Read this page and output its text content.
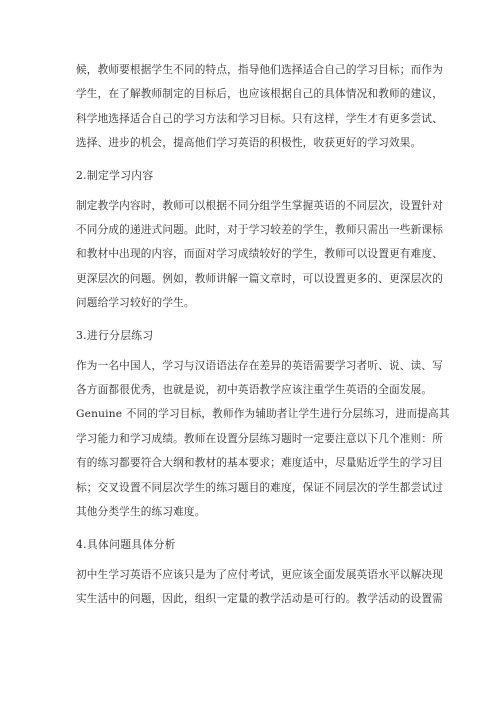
候，教师要根据学生不同的特点，指导他们选择适合自己的学习目标；而作为
学生，在了解教师制定的目标后，也应该根据自己的具体情况和教师的建议，
科学地选择适合自己的学习方法和学习目标。只有这样，学生才有更多尝试、
选择、进步的机会，提高他们学习英语的积极性，收获更好的学习效果。
2.制定学习内容
制定教学内容时，教师可以根据不同分组学生掌握英语的不同层次，设置针对
不同分成的递进式问题。此时，对于学习较差的学生，教师只需出一些新课标
和教材中出现的内容，而面对学习成绩较好的学生，教师可以设置更有难度、
更深层次的问题。例如，教师讲解一篇文章时，可以设置更多的、更深层次的
问题给学习较好的学生。
3.进行分层练习
作为一名中国人，学习与汉语语法存在差异的英语需要学习者听、说、读、写
各方面都很优秀，也就是说，初中英语教学应该注重学生英语的全面发展。
Genuine 不同的学习目标，教师作为辅助者让学生进行分层练习，进而提高其
学习能力和学习成绩。教师在设置分层练习题时一定要注意以下几个准则：所
有的练习都要符合大纲和教材的基本要求；难度适中，尽量贴近学生的学习目
标；交叉设置不同层次学生的练习题目的难度，保证不同层次的学生都尝试过
其他分类学生的练习难度。
4.具体问题具体分析
初中生学习英语不应该只是为了应付考试，更应该全面发展英语水平以解决现
实生活中的问题，因此，组织一定量的教学活动是可行的。教学活动的设置需
